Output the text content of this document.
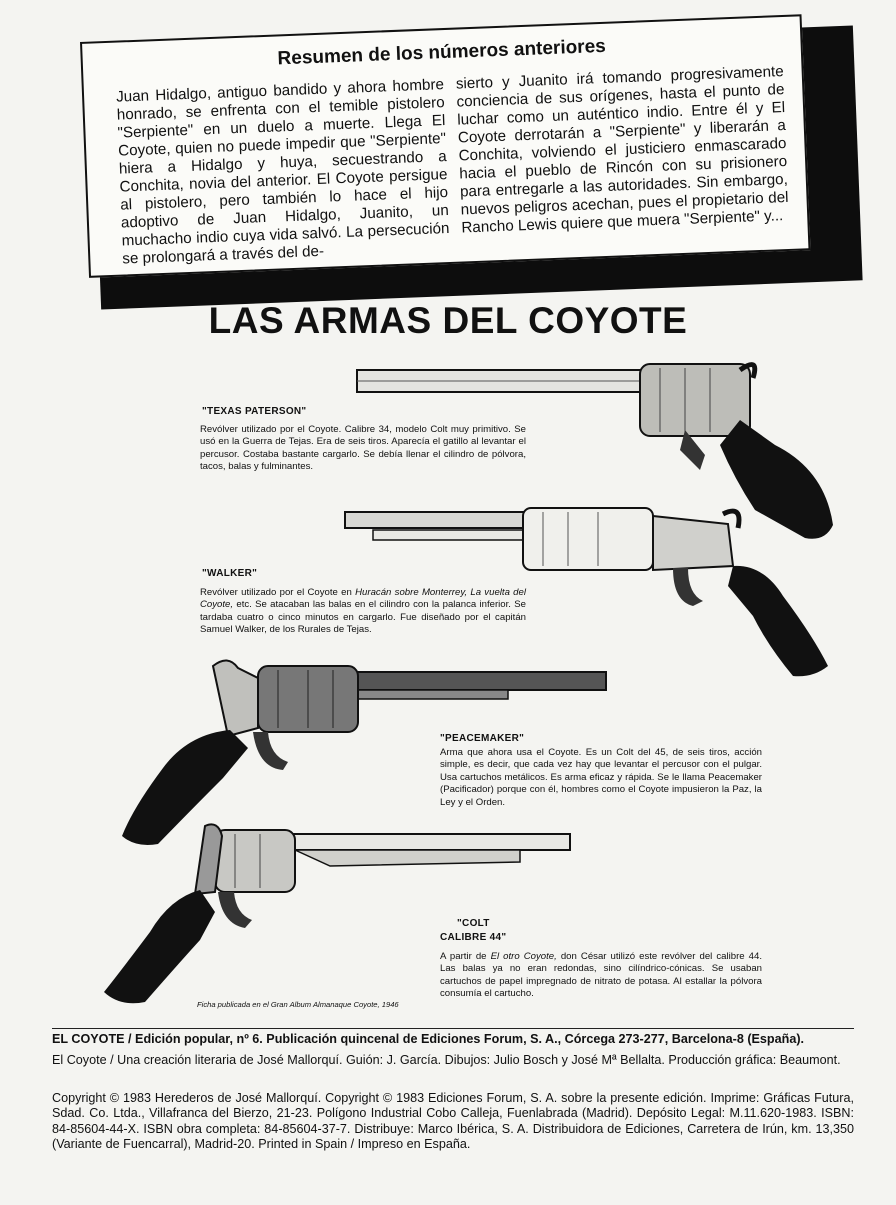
Resumen de los números anteriores
Juan Hidalgo, antiguo bandido y ahora hombre honrado, se enfrenta con el temible pistolero "Serpiente" en un duelo a muerte. Llega El Coyote, quien no puede impedir que "Serpiente" hiera a Hidalgo y huya, secuestrando a Conchita, novia del anterior. El Coyote persigue al pistolero, pero también lo hace el hijo adoptivo de Juan Hidalgo, Juanito, un muchacho indio cuya vida salvó. La persecución se prolongará a través del de-
sierto y Juanito irá tomando progresivamente conciencia de sus orígenes, hasta el punto de luchar como un auténtico indio. Entre él y El Coyote derrotarán a "Serpiente" y liberarán a Conchita, volviendo el justiciero enmascarado hacia el pueblo de Rincón con su prisionero para entregarle a las autoridades. Sin embargo, nuevos peligros acechan, pues el propietario del Rancho Lewis quiere que muera "Serpiente" y...
LAS ARMAS DEL COYOTE
"TEXAS PATERSON"
Revólver utilizado por el Coyote. Calibre 34, modelo Colt muy primitivo. Se usó en la Guerra de Tejas. Era de seis tiros. Aparecía el gatillo al levantar el percusor. Costaba bastante cargarlo. Se debía llenar el cilindro de pólvora, tacos, balas y fulminantes.
"WALKER"
Revólver utilizado por el Coyote en Huracán sobre Monterrey, La vuelta del Coyote, etc. Se atacaban las balas en el cilindro con la palanca inferior. Se tardaba cuatro o cinco minutos en cargarlo. Fue diseñado por el capitán Samuel Walker, de los Rurales de Tejas.
"PEACEMAKER"
Arma que ahora usa el Coyote. Es un Colt del 45, de seis tiros, acción simple, es decir, que cada vez hay que levantar el percusor con el pulgar. Usa cartuchos metálicos. Es arma eficaz y rápida. Se le llama Peacemaker (Pacificador) porque con él, hombres como el Coyote impusieron la Paz, la Ley y el Orden.
"COLT
CALIBRE 44"
A partir de El otro Coyote, don César utilizó este revólver del calibre 44. Las balas ya no eran redondas, sino cilíndrico-cónicas. Se usaban cartuchos de papel impregnado de nitrato de potasa. Al estallar la pólvora consumía el cartucho.
Ficha publicada en el Gran Album Almanaque Coyote, 1946
EL COYOTE / Edición popular, nº 6. Publicación quincenal de Ediciones Forum, S. A., Córcega 273-277, Barcelona-8 (España).
El Coyote / Una creación literaria de José Mallorquí. Guión: J. García. Dibujos: Julio Bosch y José Mª Bellalta. Producción gráfica: Beaumont.
Copyright © 1983 Herederos de José Mallorquí. Copyright © 1983 Ediciones Forum, S. A. sobre la presente edición. Imprime: Gráficas Futura, Sdad. Co. Ltda., Villafranca del Bierzo, 21-23. Polígono Industrial Cobo Calleja, Fuenlabrada (Madrid). Depósito Legal: M.11.620-1983. ISBN: 84-85604-44-X. ISBN obra completa: 84-85604-37-7. Distribuye: Marco Ibérica, S. A. Distribuidora de Ediciones, Carretera de Irún, km. 13,350 (Variante de Fuencarral), Madrid-20. Printed in Spain / Impreso en España.
